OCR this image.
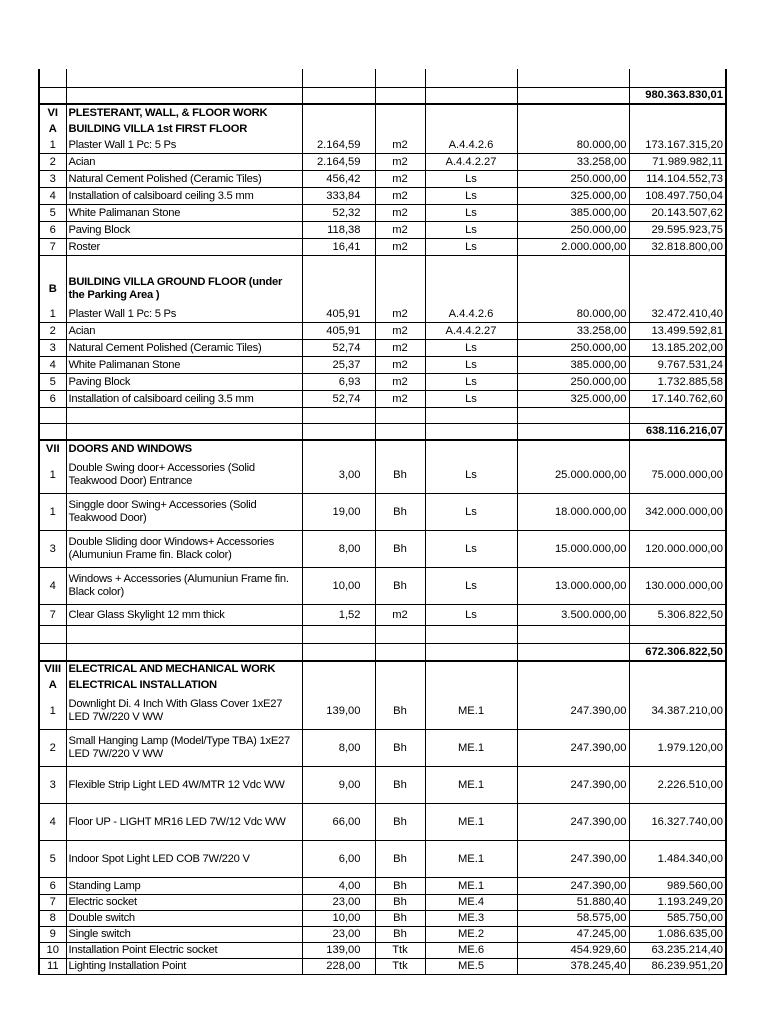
						980.363.830,01
VI	PLESTERANT, WALL, & FLOOR WORK					
A	BUILDING VILLA 1st FIRST FLOOR					
1	Plaster Wall 1 Pc: 5 Ps	2.164,59	m2	A.4.4.2.6	80.000,00	173.167.315,20
2	Acian	2.164,59	m2	A.4.4.2.27	33.258,00	71.989.982,11
3	Natural Cement Polished (Ceramic Tiles)	456,42	m2	Ls	250.000,00	114.104.552,73
4	Installation of calsiboard ceiling 3.5 mm	333,84	m2	Ls	325.000,00	108.497.750,04
5	White Palimanan Stone	52,32	m2	Ls	385.000,00	20.143.507,62
6	Paving Block	118,38	m2	Ls	250.000,00	29.595.923,75
7	Roster	16,41	m2	Ls	2.000.000,00	32.818.800,00

B	BUILDING VILLA GROUND FLOOR (under the Parking Area )					
1	Plaster Wall 1 Pc: 5 Ps	405,91	m2	A.4.4.2.6	80.000,00	32.472.410,40
2	Acian	405,91	m2	A.4.4.2.27	33.258,00	13.499.592,81
3	Natural Cement Polished (Ceramic Tiles)	52,74	m2	Ls	250.000,00	13.185.202,00
4	White Palimanan Stone	25,37	m2	Ls	385.000,00	9.767.531,24
5	Paving Block	6,93	m2	Ls	250.000,00	1.732.885,58
6	Installation of calsiboard ceiling 3.5 mm	52,74	m2	Ls	325.000,00	17.140.762,60

						638.116.216,07
VII	DOORS AND WINDOWS					
1	Double Swing door+ Accessories (Solid Teakwood Door) Entrance	3,00	Bh	Ls	25.000.000,00	75.000.000,00
1	Singgle door Swing+ Accessories (Solid Teakwood Door)	19,00	Bh	Ls	18.000.000,00	342.000.000,00
3	Double Sliding door Windows+ Accessories (Alumuniun Frame fin. Black color)	8,00	Bh	Ls	15.000.000,00	120.000.000,00
4	Windows + Accessories (Alumuniun Frame fin. Black color)	10,00	Bh	Ls	13.000.000,00	130.000.000,00
7	Clear Glass Skylight 12 mm thick	1,52	m2	Ls	3.500.000,00	5.306.822,50

						672.306.822,50
VIII	ELECTRICAL AND MECHANICAL WORK					
A	ELECTRICAL INSTALLATION					
1	Downlight Di. 4 Inch With Glass Cover 1xE27 LED 7W/220 V WW	139,00	Bh	ME.1	247.390,00	34.387.210,00
2	Small Hanging Lamp (Model/Type TBA) 1xE27 LED 7W/220 V WW	8,00	Bh	ME.1	247.390,00	1.979.120,00
3	Flexible Strip Light LED 4W/MTR 12 Vdc WW	9,00	Bh	ME.1	247.390,00	2.226.510,00
4	Floor UP - LIGHT MR16 LED 7W/12 Vdc WW	66,00	Bh	ME.1	247.390,00	16.327.740,00
5	Indoor Spot Light LED COB 7W/220 V	6,00	Bh	ME.1	247.390,00	1.484.340,00
6	Standing Lamp	4,00	Bh	ME.1	247.390,00	989.560,00
7	Electric socket	23,00	Bh	ME.4	51.880,40	1.193.249,20
8	Double switch	10,00	Bh	ME.3	58.575,00	585.750,00
9	Single switch	23,00	Bh	ME.2	47.245,00	1.086.635,00
10	Installation Point Electric socket	139,00	Ttk	ME.6	454.929,60	63.235.214,40
11	Lighting Installation Point	228,00	Ttk	ME.5	378.245,40	86.239.951,20
